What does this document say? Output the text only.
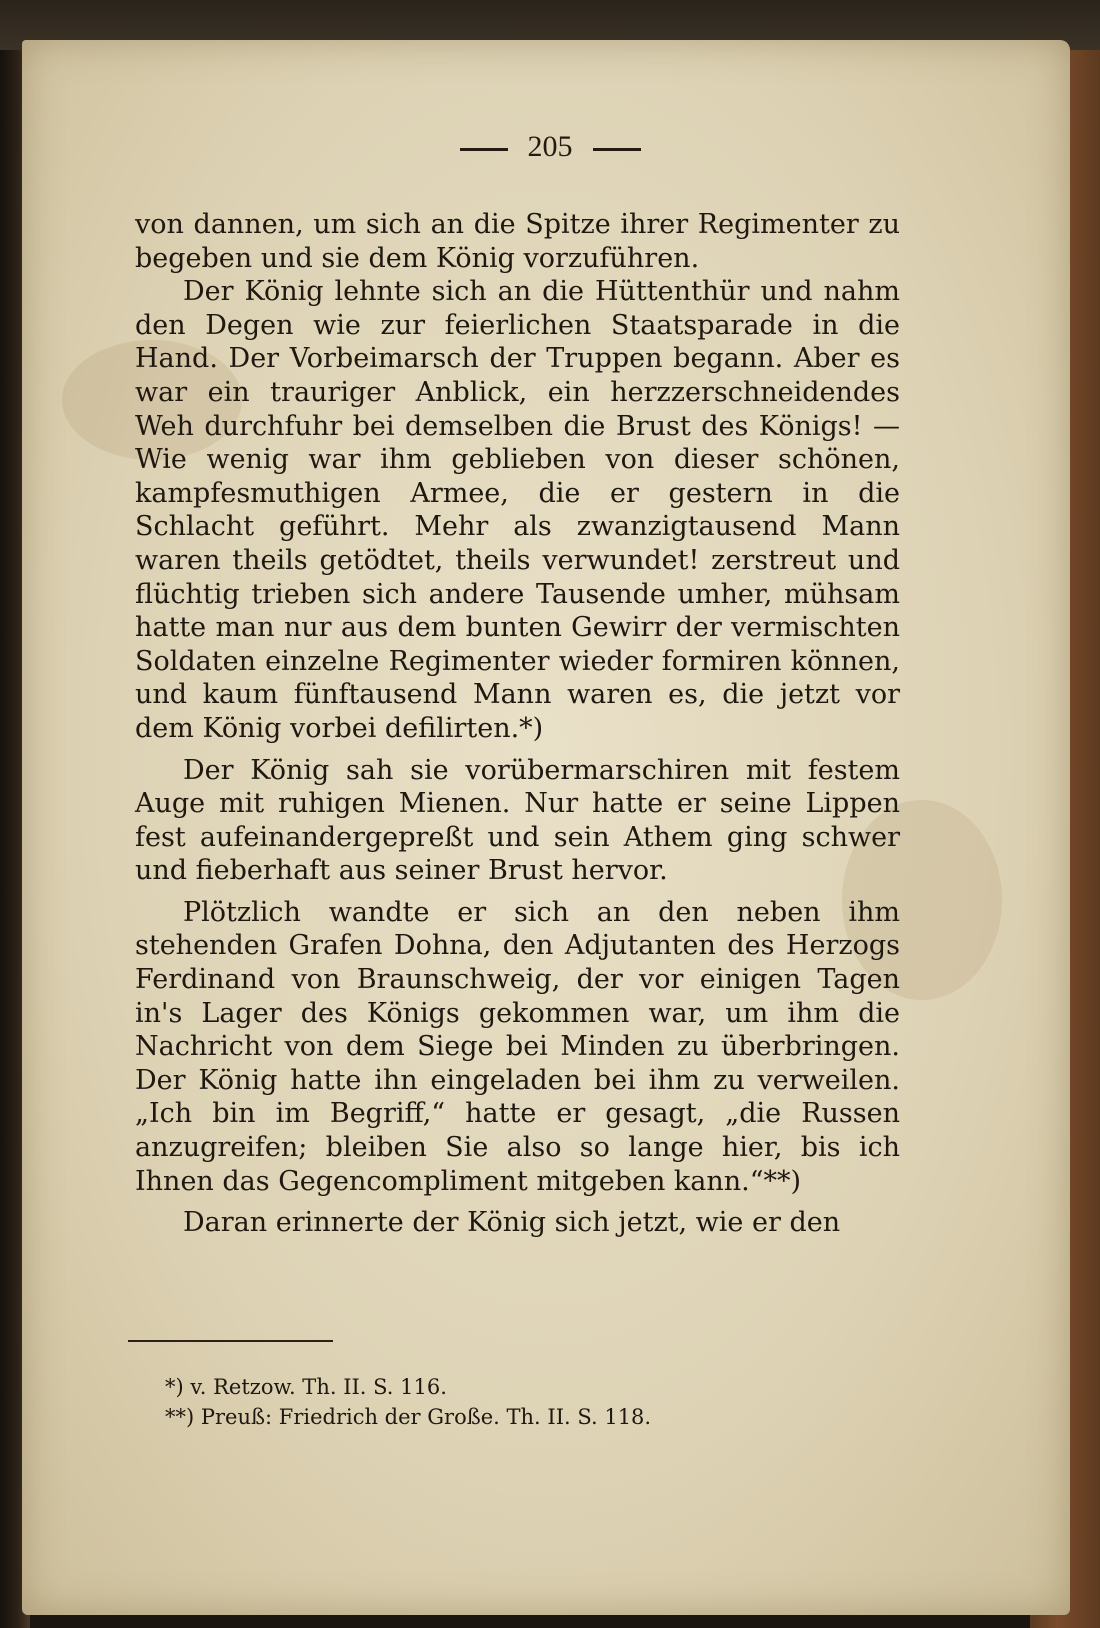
205

von dannen, um sich an die Spitze ihrer Regimenter zu begeben und sie dem König vorzuführen.

Der König lehnte sich an die Hüttenthür und nahm den Degen wie zur feierlichen Staatsparade in die Hand. Der Vorbeimarsch der Truppen begann. Aber es war ein trauriger Anblick, ein herzzerschneidendes Weh durchfuhr bei demselben die Brust des Königs! — Wie wenig war ihm geblieben von dieser schönen, kampfesmuthigen Armee, die er gestern in die Schlacht geführt. Mehr als zwanzigtausend Mann waren theils getödtet, theils verwundet! zerstreut und flüchtig trieben sich andere Tausende umher, mühsam hatte man nur aus dem bunten Gewirr der vermischten Soldaten einzelne Regimenter wieder formiren können, und kaum fünftausend Mann waren es, die jetzt vor dem König vorbei defilirten.*)

Der König sah sie vorübermarschiren mit festem Auge mit ruhigen Mienen. Nur hatte er seine Lippen fest aufeinandergepreßt und sein Athem ging schwer und fieberhaft aus seiner Brust hervor.

Plötzlich wandte er sich an den neben ihm stehenden Grafen Dohna, den Adjutanten des Herzogs Ferdinand von Braunschweig, der vor einigen Tagen in's Lager des Königs gekommen war, um ihm die Nachricht von dem Siege bei Minden zu überbringen. Der König hatte ihn eingeladen bei ihm zu verweilen. „Ich bin im Begriff,“ hatte er gesagt, „die Russen anzugreifen; bleiben Sie also so lange hier, bis ich Ihnen das Gegencompliment mitgeben kann.“**)

Daran erinnerte der König sich jetzt, wie er den

*) v. Retzow. Th. II. S. 116.
**) Preuß: Friedrich der Große. Th. II. S. 118.
